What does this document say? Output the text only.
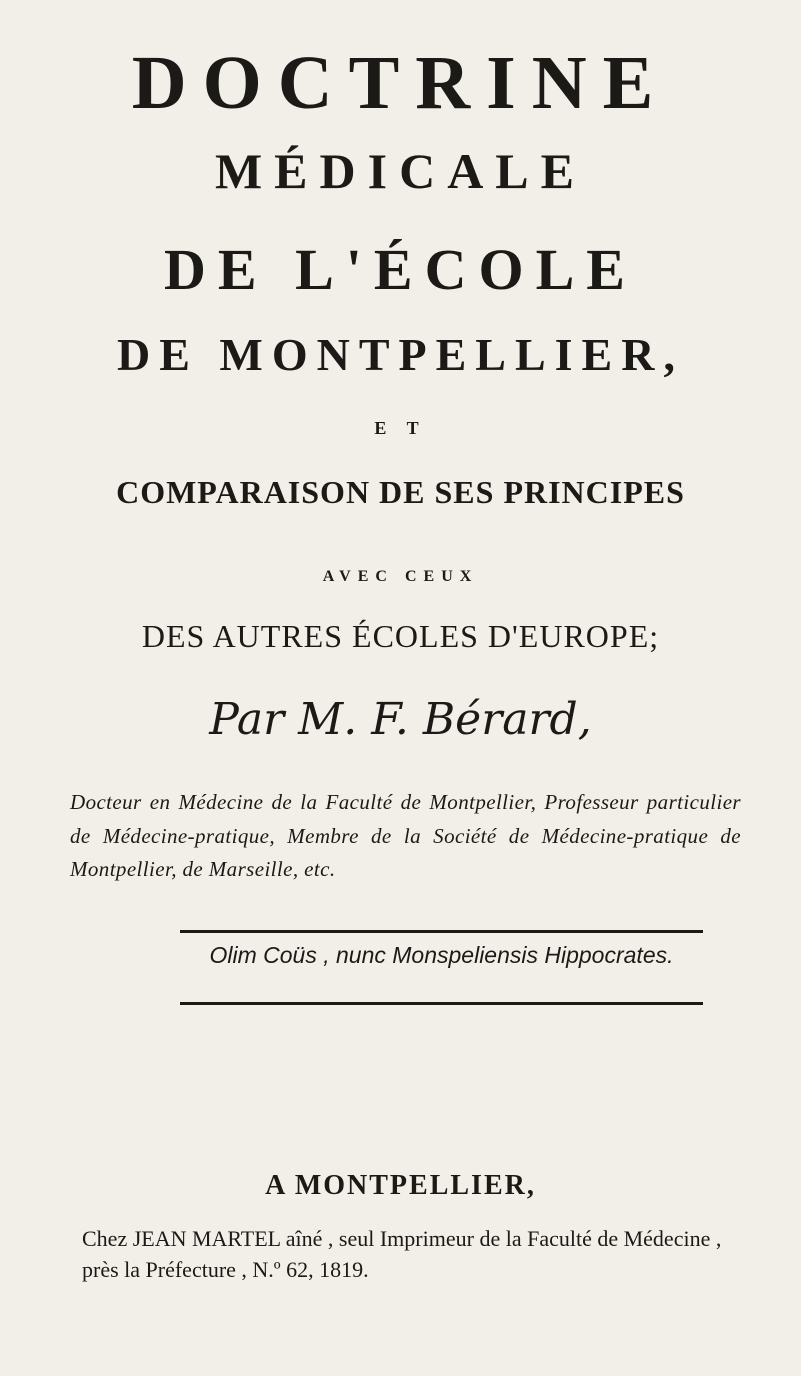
DOCTRINE
MÉDICALE
DE L'ÉCOLE
DE MONTPELLIER,
E T
COMPARAISON DE SES PRINCIPES
AVEC CEUX
DES AUTRES ÉCOLES D'EUROPE;
Par M. F. Bérard,
Docteur en Médecine de la Faculté de Montpellier, Professeur particulier de Médecine-pratique, Membre de la Société de Médecine-pratique de Montpellier, de Marseille, etc.
Olim Coüs , nunc Monspeliensis Hippocrates.
A MONTPELLIER,
Chez JEAN MARTEL aîné , seul Imprimeur de la Faculté de Médecine , près la Préfecture , N.º 62, 1819.
